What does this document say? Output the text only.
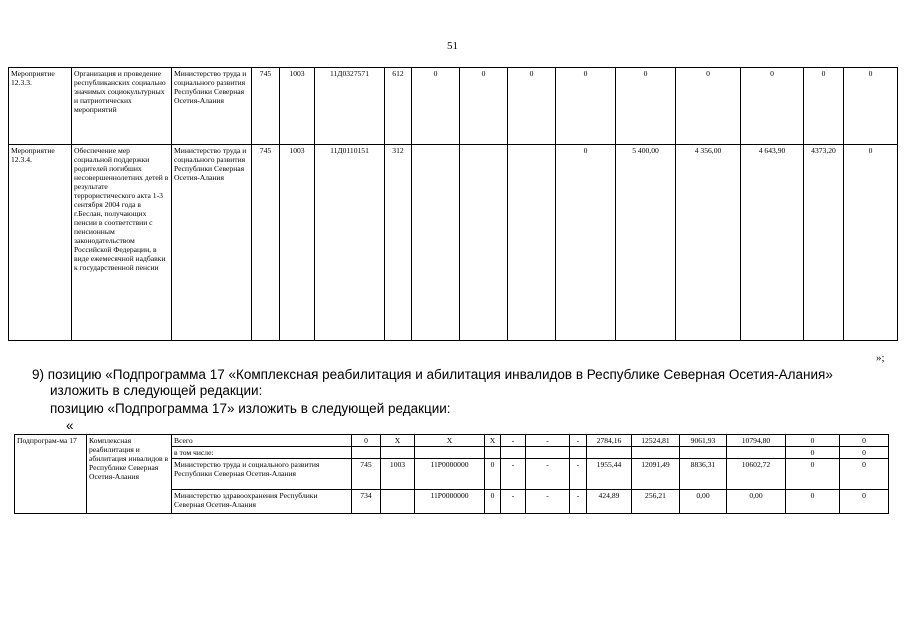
51
Мероприятие 12.3.3.	Организация и проведение республиканских социально значимых социокультурных и патриотических мероприятий	Министерство труда и социального развития Республики Северная Осетия-Алания	745	1003	11Д0327571	612	0	0	0	0	0	0	0	0	0
Мероприятие 12.3.4.	Обеспечение мер социальной поддержки родителей погибших несовершеннолетних детей в результате террористического акта 1-3 сентября 2004 года в г.Беслан, получающих пенсии в соответствии с пенсионным законодательством Российской Федерации, в виде ежемесячной надбавки к государственной пенсии	Министерство труда и социального развития Республики Северная Осетия-Алания	745	1003	11Д0110151	312				0	5 400,00	4 356,00	4 643,90	4373,20	0
»;
9) позицию «Подпрограмма 17 «Комплексная реабилитация и абилитация инвалидов в Республике Северная Осетия-Алания»
изложить в следующей редакции:
позицию «Подпрограмма 17» изложить в следующей редакции:
«
Подпрограм-ма 17	Комплексная реабилитация и абилитация инвалидов в Республике Северная Осетия-Алания	Всего	0	Х	Х	Х	-	-	-	2784,16	12524,81	9061,93	10794,80	0	0
		в том числе:												0	0
		Министерство труда и социального развития Республики Северная Осетия-Алания	745	1003	11Р0000000	0	-	-	-	1955,44	12091,49	8836,31	10602,72	0	0
		Министерство здравоохранения Республики Северная Осетия-Алания	734		11Р0000000	0	-	-	-	424,89	256,21	0,00	0,00	0	0
